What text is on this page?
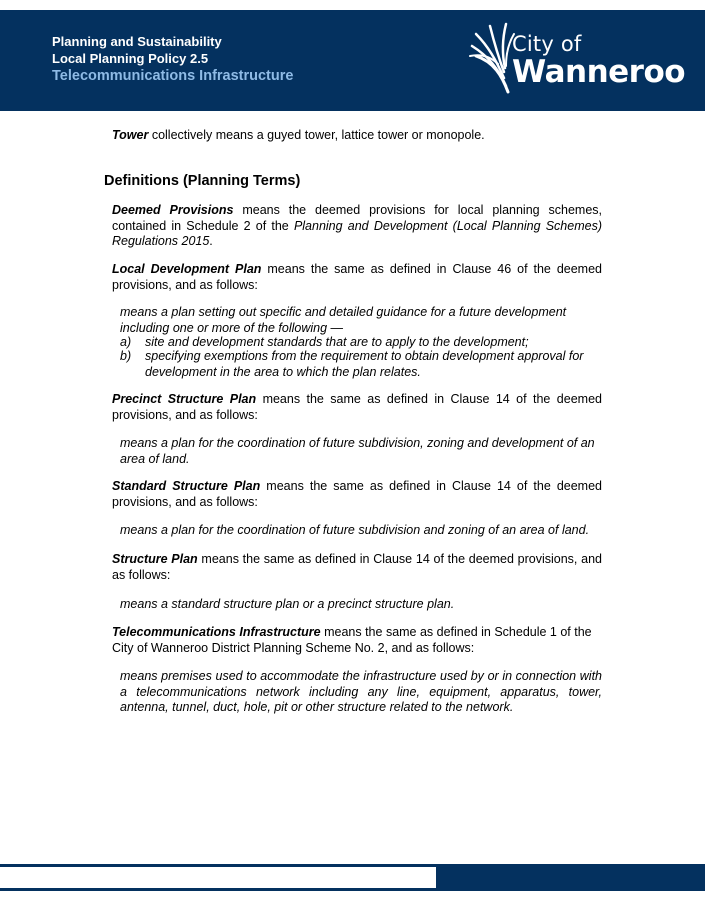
Planning and Sustainability
Local Planning Policy 2.5
Telecommunications Infrastructure
City of
Wanneroo
Tower collectively means a guyed tower, lattice tower or monopole.
Definitions (Planning Terms)
Deemed Provisions means the deemed provisions for local planning schemes, contained in Schedule 2 of the Planning and Development (Local Planning Schemes) Regulations 2015.
Local Development Plan means the same as defined in Clause 46 of the deemed provisions, and as follows:
means a plan setting out specific and detailed guidance for a future development including one or more of the following —
a) site and development standards that are to apply to the development;
b) specifying exemptions from the requirement to obtain development approval for development in the area to which the plan relates.
Precinct Structure Plan means the same as defined in Clause 14 of the deemed provisions, and as follows:
means a plan for the coordination of future subdivision, zoning and development of an area of land.
Standard Structure Plan means the same as defined in Clause 14 of the deemed provisions, and as follows:
means a plan for the coordination of future subdivision and zoning of an area of land.
Structure Plan means the same as defined in Clause 14 of the deemed provisions, and as follows:
means a standard structure plan or a precinct structure plan.
Telecommunications Infrastructure means the same as defined in Schedule 1 of the City of Wanneroo District Planning Scheme No. 2, and as follows:
means premises used to accommodate the infrastructure used by or in connection with a telecommunications network including any line, equipment, apparatus, tower, antenna, tunnel, duct, hole, pit or other structure related to the network.
